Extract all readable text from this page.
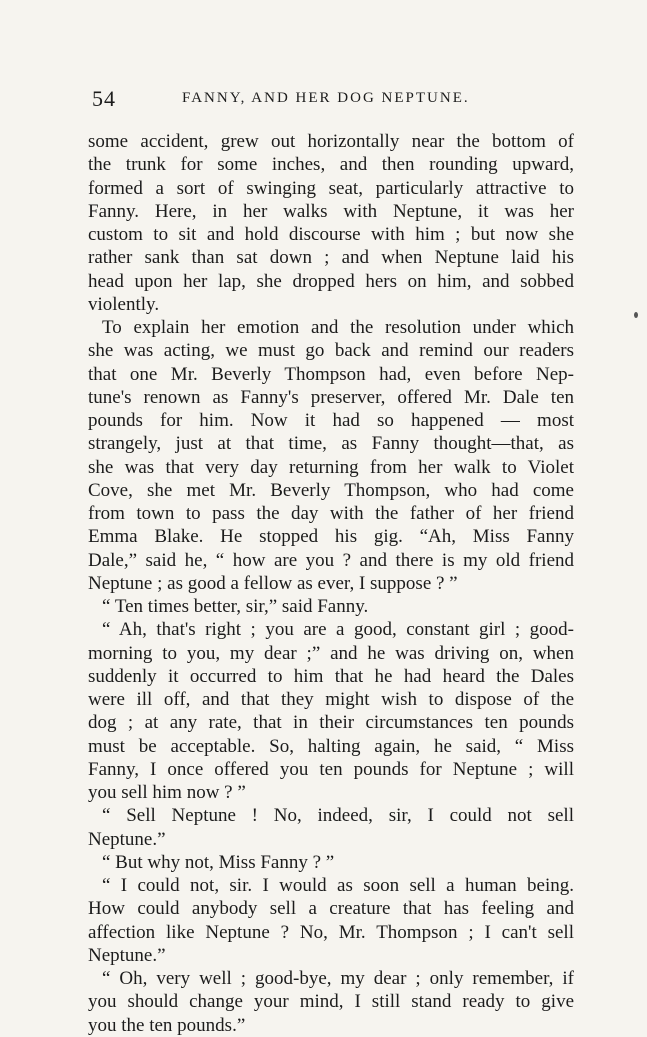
54	FANNY, AND HER DOG NEPTUNE.
some accident, grew out horizontally near the bottom of
the trunk for some inches, and then rounding upward,
formed a sort of swinging seat, particularly attractive to
Fanny. Here, in her walks with Neptune, it was her
custom to sit and hold discourse with him ; but now she
rather sank than sat down ; and when Neptune laid his
head upon her lap, she dropped hers on him, and sobbed
violently.
To explain her emotion and the resolution under which
she was acting, we must go back and remind our readers
that one Mr. Beverly Thompson had, even before Nep-
tune's renown as Fanny's preserver, offered Mr. Dale ten
pounds for him. Now it had so happened — most
strangely, just at that time, as Fanny thought—that, as
she was that very day returning from her walk to Violet
Cove, she met Mr. Beverly Thompson, who had come
from town to pass the day with the father of her friend
Emma Blake. He stopped his gig. “Ah, Miss Fanny
Dale,” said he, “ how are you ? and there is my old friend
Neptune ; as good a fellow as ever, I suppose ? ”
“ Ten times better, sir,” said Fanny.
“ Ah, that's right ; you are a good, constant girl ; good-
morning to you, my dear ;” and he was driving on, when
suddenly it occurred to him that he had heard the Dales
were ill off, and that they might wish to dispose of the
dog ; at any rate, that in their circumstances ten pounds
must be acceptable. So, halting again, he said, “ Miss
Fanny, I once offered you ten pounds for Neptune ; will
you sell him now ? ”
“ Sell Neptune ! No, indeed, sir, I could not sell
Neptune.”
“ But why not, Miss Fanny ? ”
“ I could not, sir. I would as soon sell a human being.
How could anybody sell a creature that has feeling and
affection like Neptune ? No, Mr. Thompson ; I can't sell
Neptune.”
“ Oh, very well ; good-bye, my dear ; only remember, if
you should change your mind, I still stand ready to give
you the ten pounds.”
